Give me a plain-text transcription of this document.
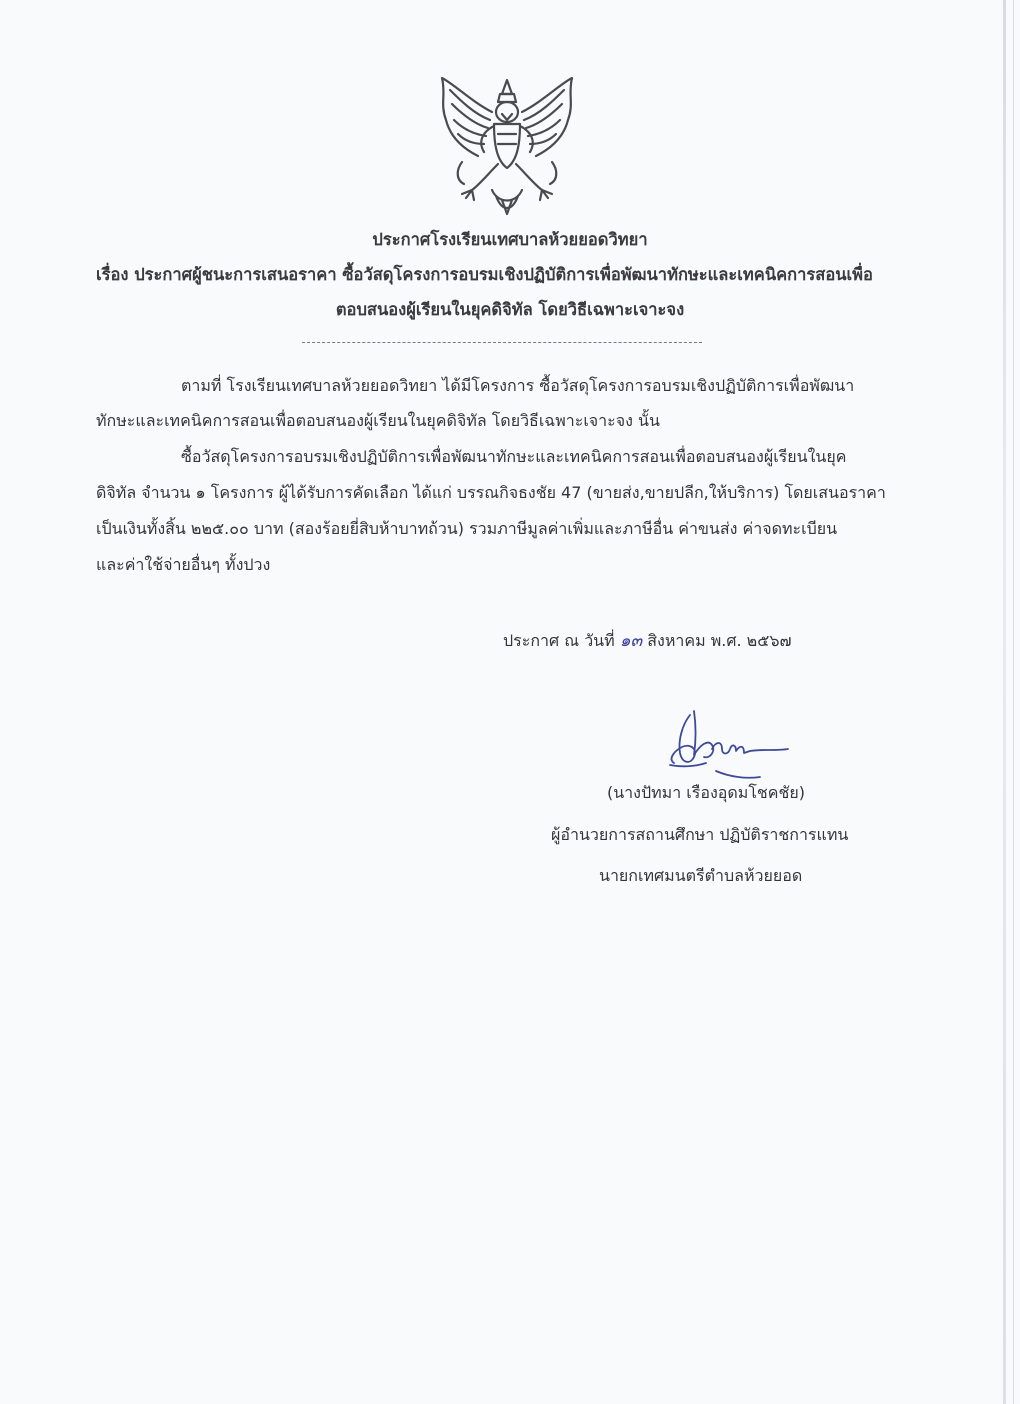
ประกาศโรงเรียนเทศบาลห้วยยอดวิทยา
เรื่อง ประกาศผู้ชนะการเสนอราคา ซื้อวัสดุโครงการอบรมเชิงปฏิบัติการเพื่อพัฒนาทักษะและเทคนิคการสอนเพื่อ
ตอบสนองผู้เรียนในยุคดิจิทัล โดยวิธีเฉพาะเจาะจง
ตามที่ โรงเรียนเทศบาลห้วยยอดวิทยา ได้มีโครงการ ซื้อวัสดุโครงการอบรมเชิงปฏิบัติการเพื่อพัฒนา
ทักษะและเทคนิคการสอนเพื่อตอบสนองผู้เรียนในยุคดิจิทัล โดยวิธีเฉพาะเจาะจง นั้น
ซื้อวัสดุโครงการอบรมเชิงปฏิบัติการเพื่อพัฒนาทักษะและเทคนิคการสอนเพื่อตอบสนองผู้เรียนในยุค
ดิจิทัล จำนวน ๑ โครงการ ผู้ได้รับการคัดเลือก ได้แก่ บรรณกิจธงชัย 47 (ขายส่ง,ขายปลีก,ให้บริการ) โดยเสนอราคา
เป็นเงินทั้งสิ้น ๒๒๕.๐๐ บาท (สองร้อยยี่สิบห้าบาทถ้วน) รวมภาษีมูลค่าเพิ่มและภาษีอื่น ค่าขนส่ง ค่าจดทะเบียน
และค่าใช้จ่ายอื่นๆ ทั้งปวง
ประกาศ ณ วันที่ ๑๓ สิงหาคม พ.ศ. ๒๕๖๗
(นางปัทมา เรืองอุดมโชคชัย)
ผู้อำนวยการสถานศึกษา ปฏิบัติราชการแทน
นายกเทศมนตรีตำบลห้วยยอด
